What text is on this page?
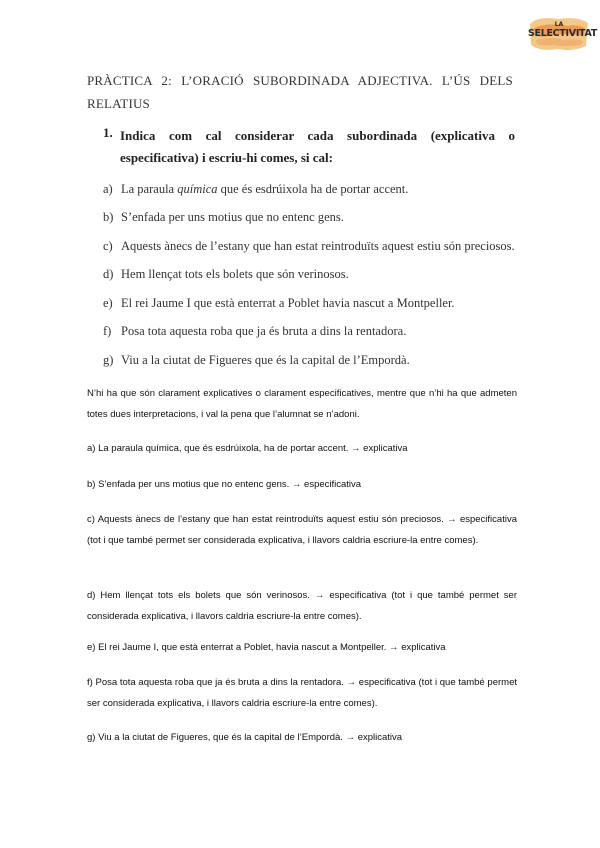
LA
SELECTIVITAT
PRÀCTICA 2: L’ORACIÓ SUBORDINADA ADJECTIVA. L’ÚS DELS RELATIUS
1. Indica com cal considerar cada subordinada (explicativa o especificativa) i escriu-hi comes, si cal:
a) La paraula química que és esdrúixola ha de portar accent.
b) S’enfada per uns motius que no entenc gens.
c) Aquests ànecs de l’estany que han estat reintroduïts aquest estiu són preciosos.
d) Hem llençat tots els bolets que són verinosos.
e) El rei Jaume I que està enterrat a Poblet havia nascut a Montpeller.
f) Posa tota aquesta roba que ja és bruta a dins la rentadora.
g) Viu a la ciutat de Figueres que és la capital de l’Empordà.
N’hi ha que són clarament explicatives o clarament especificatives, mentre que n’hi ha que admeten totes dues interpretacions, i val la pena que l’alumnat se n’adoni.
a) La paraula química, que és esdrúixola, ha de portar accent. → explicativa
b) S’enfada per uns motius que no entenc gens. → especificativa
c) Aquests ànecs de l’estany que han estat reintroduïts aquest estiu són preciosos. → especificativa (tot i que també permet ser considerada explicativa, i llavors caldria escriure-la entre comes).
d) Hem llençat tots els bolets que són verinosos. → especificativa (tot i que també permet ser considerada explicativa, i llavors caldria escriure-la entre comes).
e) El rei Jaume I, que està enterrat a Poblet, havia nascut a Montpeller. → explicativa
f) Posa tota aquesta roba que ja és bruta a dins la rentadora. → especificativa (tot i que també permet ser considerada explicativa, i llavors caldria escriure-la entre comes).
g) Viu a la ciutat de Figueres, que és la capital de l’Empordà. → explicativa
